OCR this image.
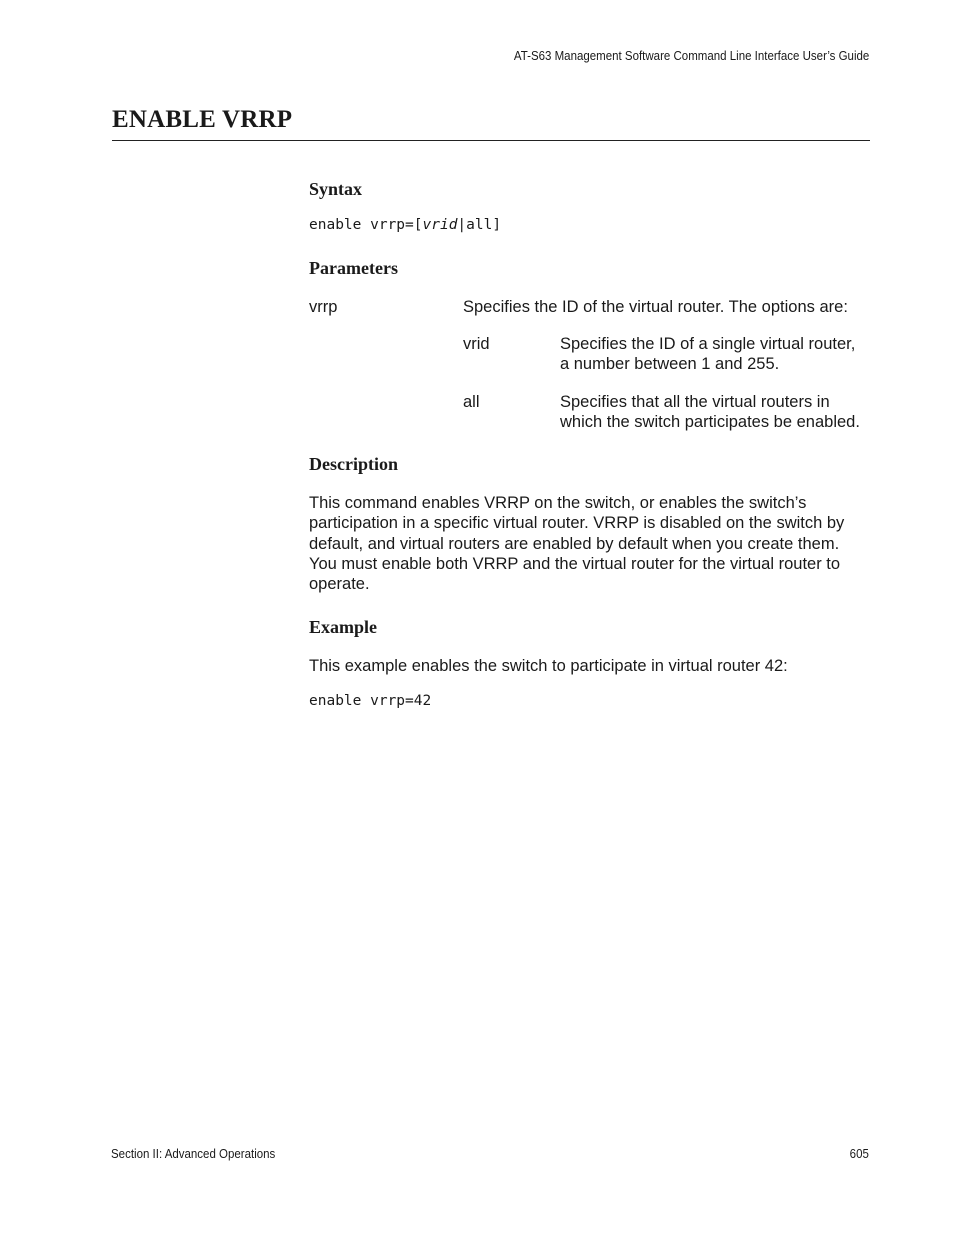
AT-S63 Management Software Command Line Interface User’s Guide
ENABLE VRRP
Syntax
enable vrrp=[vrid|all]
Parameters
vrrp	Specifies the ID of the virtual router. The options are:
vrid	Specifies the ID of a single virtual router,
a number between 1 and 255.
all	Specifies that all the virtual routers in
which the switch participates be enabled.
Description
This command enables VRRP on the switch, or enables the switch’s
participation in a specific virtual router. VRRP is disabled on the switch by
default, and virtual routers are enabled by default when you create them.
You must enable both VRRP and the virtual router for the virtual router to
operate.
Example
This example enables the switch to participate in virtual router 42:
enable vrrp=42
Section II: Advanced Operations	605
